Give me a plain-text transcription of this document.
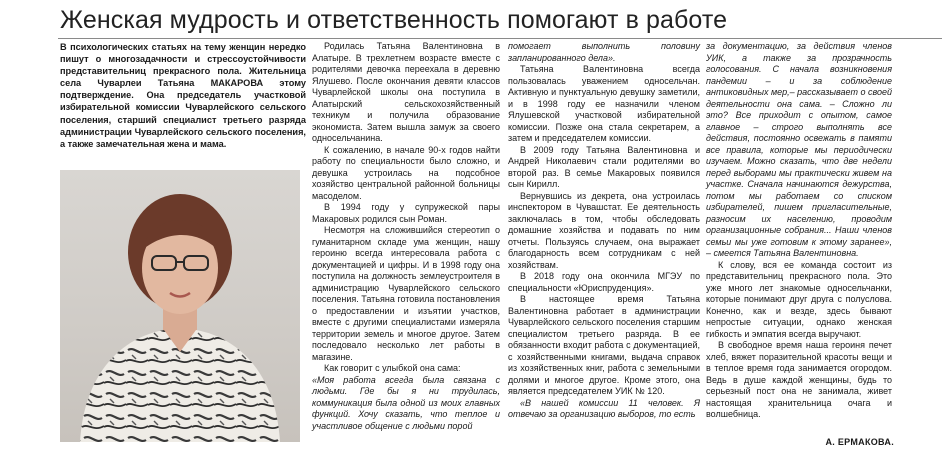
Женская мудрость и ответственность помогают в работе
В психологических статьях на тему женщин нередко пишут о многозадачности и стрессоустойчивости представительниц прекрасного пола. Жительница села Чуварлеи Татьяна МАКАРОВА этому подтверждение. Она председатель участковой избирательной комиссии Чуварлейского сельского поселения, старший специалист третьего разряда администрации Чуварлейского сельского поселения, а также замечательная жена и мама.

Родилась Татьяна Валентиновна в Алатыре. В трехлетнем возрасте вместе с родителями девочка переехала в деревню Ялушево. После окончания девяти классов Чуварлейской школы она поступила в Алатырский сельскохозяйственный техникум и получила образование экономиста. Затем вышла замуж за своего односельчанина.

К сожалению, в начале 90-х годов найти работу по специальности было сложно, и девушка устроилась на подсобное хозяйство центральной районной больницы масоделом.

В 1994 году у супружеской пары Макаровых родился сын Роман.

Несмотря на сложившийся стереотип о гуманитарном складе ума женщин, нашу героиню всегда интересовала работа с документацией и цифры. И в 1998 году она поступила на должность землеустроителя в администрацию Чуварлейского сельского поселения. Татьяна готовила постановления о предоставлении и изъятии участков, вместе с другими специалистами измеряла территории земель и многое другое. Затем последовало несколько лет работы в магазине.

Как говорит с улыбкой она сама:

«Моя работа всегда была связана с людьми. Где бы я ни трудилась, коммуникация была одной из моих главных функций. Хочу сказать, что теплое и участливое общение с людьми порой

помогает выполнить половину запланированного дела».

Татьяна Валентиновна всегда пользовалась уважением односельчан. Активную и пунктуальную девушку заметили, и в 1998 году ее назначили членом Ялушевской участковой избирательной комиссии. Позже она стала секретарем, а затем и председателем комиссии.

В 2009 году Татьяна Валентиновна и Андрей Николаевич стали родителями во второй раз. В семье Макаровых появился сын Кирилл.

Вернувшись из декрета, она устроилась инспектором в Чувашстат. Ее деятельность заключалась в том, чтобы обследовать домашние хозяйства и подавать по ним отчеты. Пользуясь случаем, она выражает благодарность всем сотрудникам с ней хозяйствам.

В 2018 году она окончила МГЭУ по специальности «Юриспруденция».

В настоящее время Татьяна Валентиновна работает в администрации Чуварлейского сельского поселения старшим специалистом третьего разряда. В ее обязанности входит работа с документацией, с хозяйственными книгами, выдача справок из хозяйственных книг, работа с земельными долями и многое другое. Кроме этого, она является председателем УИК № 120.

«В нашей комиссии 11 человек. Я отвечаю за организацию выборов, то есть

за документацию, за действия членов УИК, а также за прозрачность голосования. С начала возникновения пандемии – и за соблюдение антиковидных мер,– рассказывает о своей деятельности она сама. – Сложно ли это? Все приходит с опытом, самое главное – строго выполнять все действия, постоянно освежать в памяти все правила, которые мы периодически изучаем. Можно сказать, что две недели перед выборами мы практически живем на участке. Сначала начинаются дежурства, потом мы работаем со списком избирателей, пишем пригласительные, разносим их населению, проводим организационные собрания... Наши членов семьи мы уже готовим к этому заранее», – смеется Татьяна Валентиновна.

К слову, вся ее команда состоит из представительниц прекрасного пола. Это уже много лет знакомые односельчанки, которые понимают друг друга с полуслова. Конечно, как и везде, здесь бывают непростые ситуации, однако женская гибкость и эмпатия всегда выручают.

В свободное время наша героиня печет хлеб, вяжет поразительной красоты вещи и в теплое время года занимается огородом. Ведь в душе каждой женщины, будь то серьезный пост она не занимала, живет настоящая хранительница очага и волшебница.

А. ЕРМАКОВА.
